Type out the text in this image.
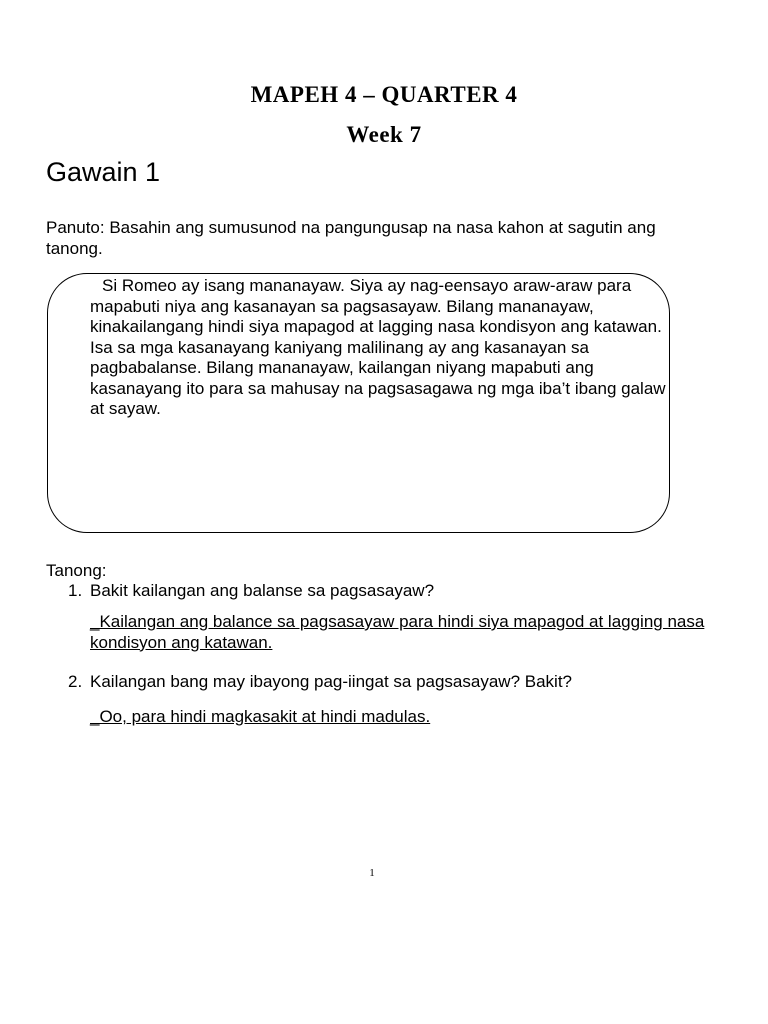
MAPEH 4 – QUARTER 4
Week 7
Gawain 1

Panuto: Basahin ang sumusunod na pangungusap na nasa kahon at sagutin ang tanong.

Si Romeo ay isang mananayaw. Siya ay nag-eensayo araw-araw para mapabuti niya ang kasanayan sa pagsasayaw. Bilang mananayaw, kinakailangang hindi siya mapagod at lagging nasa kondisyon ang katawan. Isa sa mga kasanayang kaniyang malilinang ay ang kasanayan sa pagbabalanse. Bilang mananayaw, kailangan niyang mapabuti ang kasanayang ito para sa mahusay na pagsasagawa ng mga iba’t ibang galaw at sayaw.

Tanong:

1. Bakit kailangan ang balanse sa pagsasayaw?

_Kailangan ang balance sa pagsasayaw para hindi siya mapagod at lagging nasa kondisyon ang katawan.

2. Kailangan bang may ibayong pag-iingat sa pagsasayaw? Bakit?

_Oo, para hindi magkasakit at hindi madulas.

1
